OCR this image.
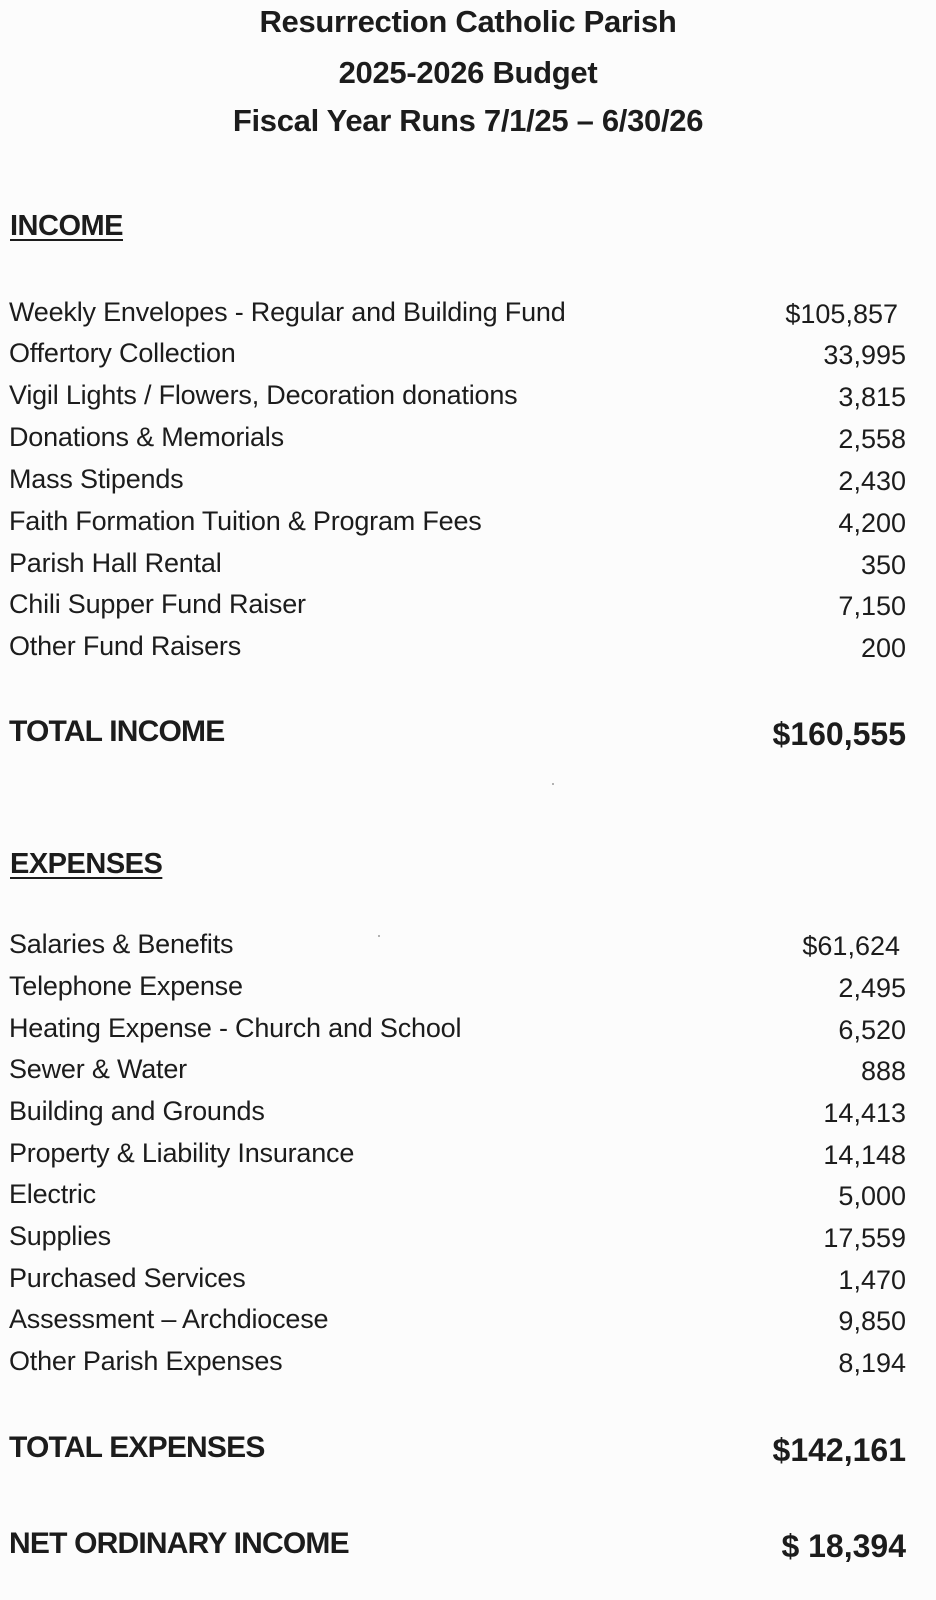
Resurrection Catholic Parish
2025-2026 Budget
Fiscal Year Runs 7/1/25 – 6/30/26
INCOME
Weekly Envelopes - Regular and Building Fund	$105,857
Offertory Collection	33,995
Vigil Lights / Flowers, Decoration donations	3,815
Donations & Memorials	2,558
Mass Stipends	2,430
Faith Formation Tuition & Program Fees	4,200
Parish Hall Rental	350
Chili Supper Fund Raiser	7,150
Other Fund Raisers	200
TOTAL INCOME	$160,555
EXPENSES
Salaries & Benefits	$61,624
Telephone Expense	2,495
Heating Expense - Church and School	6,520
Sewer & Water	888
Building and Grounds	14,413
Property & Liability Insurance	14,148
Electric	5,000
Supplies	17,559
Purchased Services	1,470
Assessment – Archdiocese	9,850
Other Parish Expenses	8,194
TOTAL EXPENSES	$142,161
NET ORDINARY INCOME	$ 18,394
